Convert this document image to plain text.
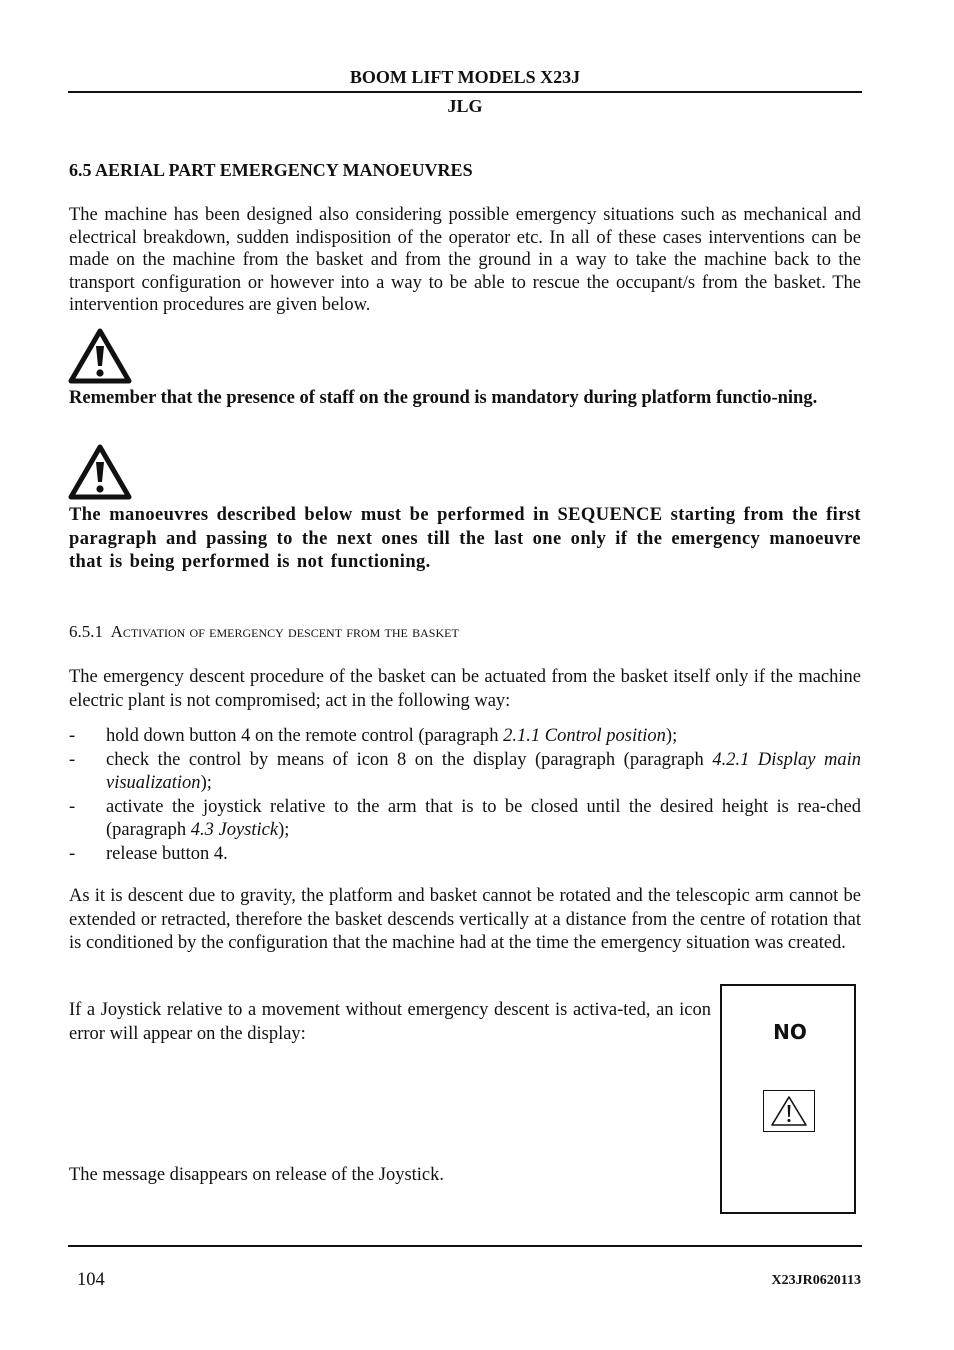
BOOM LIFT MODELS X23J
JLG
6.5 AERIAL PART EMERGENCY MANOEUVRES
The machine has been designed also considering possible emergency situations such as mechanical and electrical breakdown, sudden indisposition of the operator etc. In all of these cases interventions can be made on the machine from the basket and from the ground in a way to take the machine back to the transport configuration or however into a way to be able to rescue the occupant/s from the basket. The intervention procedures are given below.
Remember that the presence of staff on the ground is mandatory during platform functio-ning.
The manoeuvres described below must be performed in SEQUENCE starting from the first paragraph and passing to the next ones till the last one only if the emergency manoeuvre that is being performed is not functioning.
6.5.1 Activation of emergency descent from the basket
The emergency descent procedure of the basket can be actuated from the basket itself only if the machine electric plant is not compromised; act in the following way:
- hold down button 4 on the remote control (paragraph 2.1.1 Control position);
- check the control by means of icon 8 on the display (paragraph (paragraph 4.2.1 Display main visualization);
- activate the joystick relative to the arm that is to be closed until the desired height is rea-ched (paragraph 4.3 Joystick);
- release button 4.
As it is descent due to gravity, the platform and basket cannot be rotated and the telescopic arm cannot be extended or retracted, therefore the basket descends vertically at a distance from the centre of rotation that is conditioned by the configuration that the machine had at the time the emergency situation was created.
If a Joystick relative to a movement without emergency descent is activa-ted, an icon error will appear on the display:
The message disappears on release of the Joystick.
NO
104	X23JR0620113
